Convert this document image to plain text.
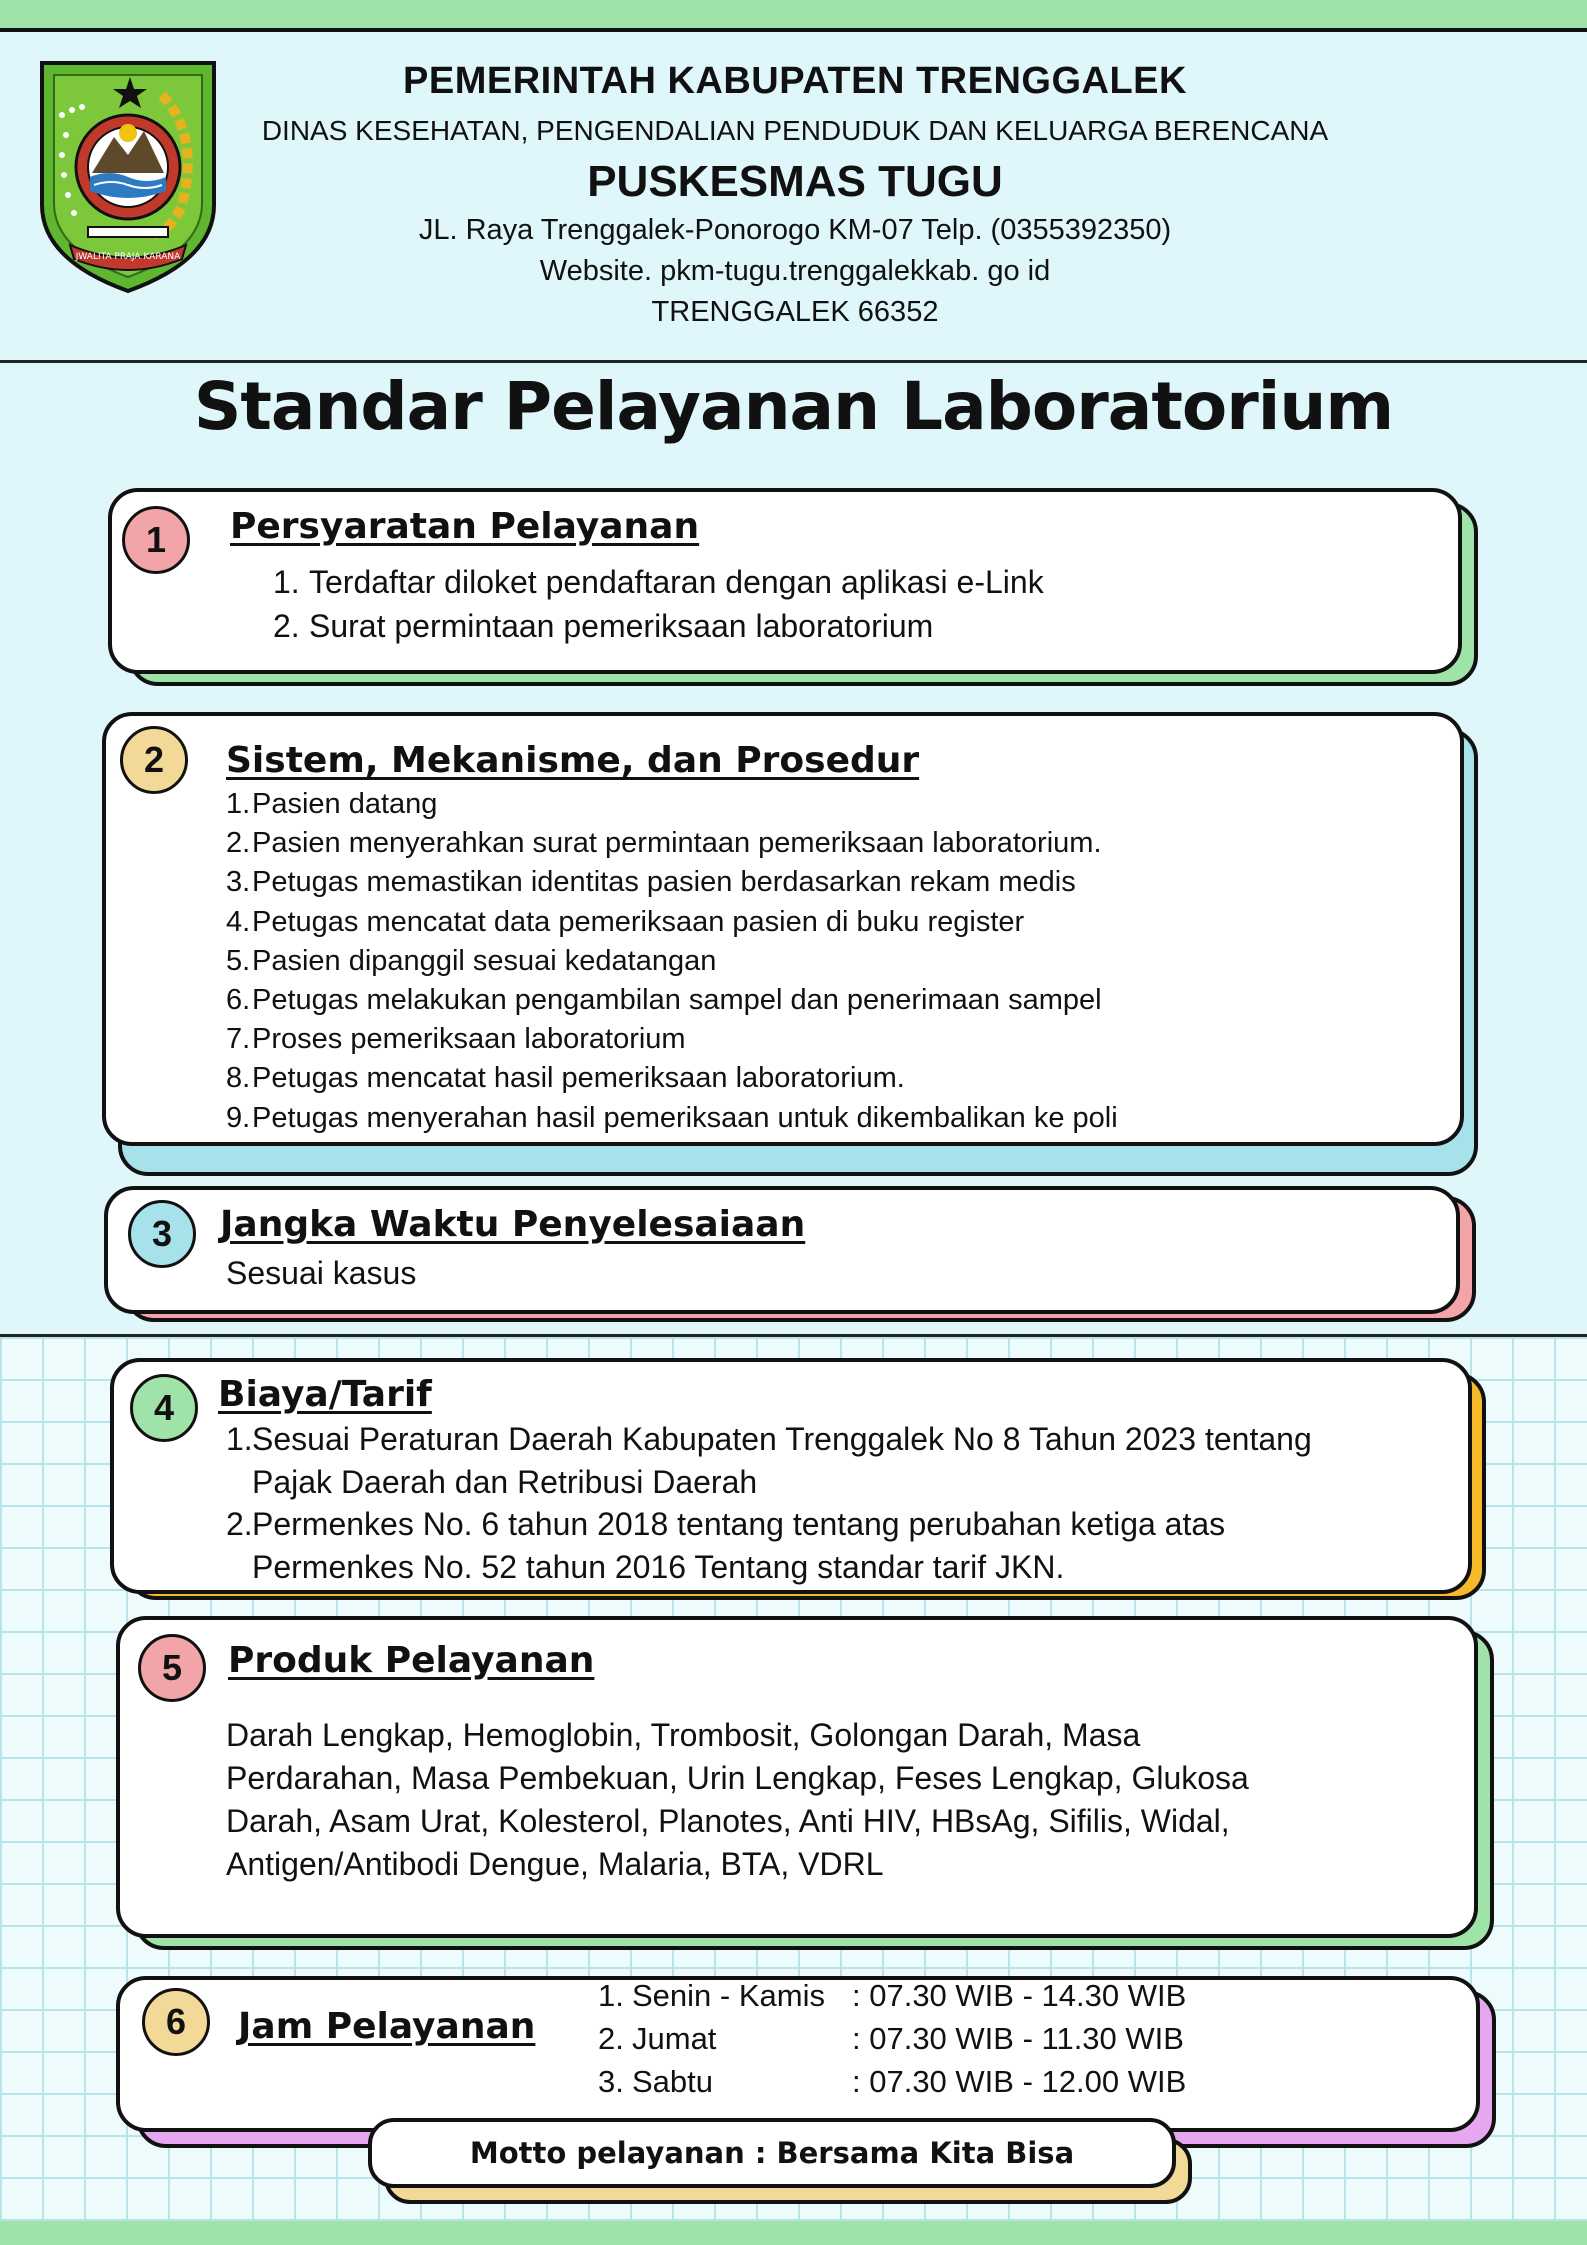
JWALITA PRAJA KARANA
PEMERINTAH KABUPATEN TRENGGALEK
DINAS KESEHATAN, PENGENDALIAN PENDUDUK DAN KELUARGA BERENCANA
PUSKESMAS TUGU
JL. Raya Trenggalek-Ponorogo KM-07 Telp. (0355392350)
Website. pkm-tugu.trenggalekkab. go id
TRENGGALEK 66352
Standar Pelayanan Laboratorium
1	Persyaratan Pelayanan
1. Terdaftar diloket pendaftaran dengan aplikasi e-Link
2. Surat permintaan pemeriksaan laboratorium
2	Sistem, Mekanisme, dan Prosedur
1.Pasien datang
2.Pasien menyerahkan surat permintaan pemeriksaan laboratorium.
3.Petugas memastikan identitas pasien berdasarkan rekam medis
4.Petugas mencatat data pemeriksaan pasien di buku register
5.Pasien dipanggil sesuai kedatangan
6.Petugas melakukan pengambilan sampel dan penerimaan sampel
7.Proses pemeriksaan laboratorium
8.Petugas mencatat hasil pemeriksaan laboratorium.
9.Petugas menyerahan hasil pemeriksaan untuk dikembalikan ke poli
3	Jangka Waktu Penyelesaiaan
Sesuai kasus
4	Biaya/Tarif
1.Sesuai Peraturan Daerah Kabupaten Trenggalek No 8 Tahun 2023 tentang
Pajak Daerah dan Retribusi Daerah
2.Permenkes No. 6 tahun 2018 tentang tentang perubahan ketiga atas
Permenkes No. 52 tahun 2016 Tentang standar tarif JKN.
5	Produk Pelayanan
Darah Lengkap, Hemoglobin, Trombosit, Golongan Darah, Masa
Perdarahan, Masa Pembekuan, Urin Lengkap, Feses Lengkap, Glukosa
Darah, Asam Urat, Kolesterol, Planotes, Anti HIV, HBsAg, Sifilis, Widal,
Antigen/Antibodi Dengue, Malaria, BTA, VDRL
6	Jam Pelayanan
1. Senin - Kamis : 07.30 WIB - 14.30 WIB
2. Jumat	: 07.30 WIB - 11.30 WIB
3. Sabtu	: 07.30 WIB - 12.00 WIB
Motto pelayanan : Bersama Kita Bisa
